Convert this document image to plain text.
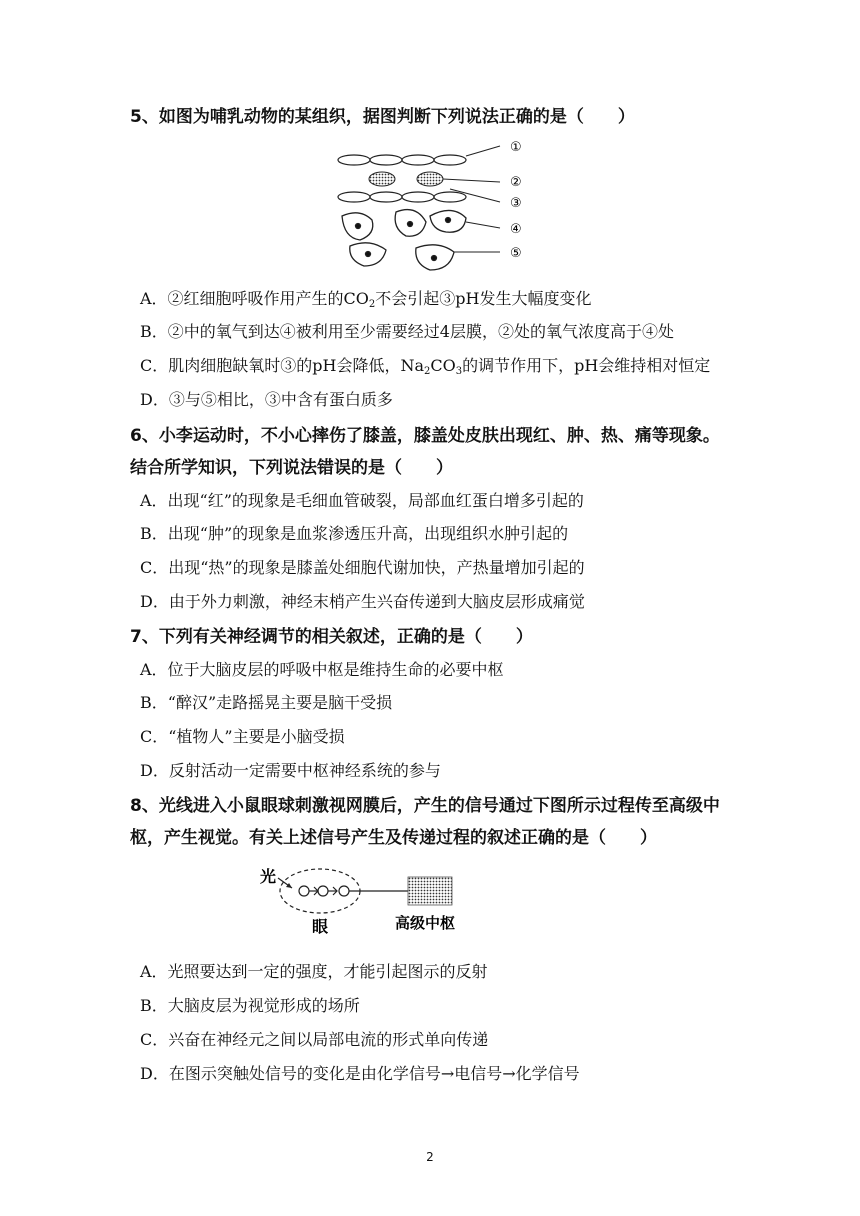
5、如图为哺乳动物的某组织，据图判断下列说法正确的是（　　）
①
②
③
④
⑤
A．②红细胞呼吸作用产生的$CO_2$不会引起③pH发生大幅度变化
B．②中的氧气到达④被利用至少需要经过4层膜，②处的氧气浓度高于④处
C．肌肉细胞缺氧时③的pH会降低，$Na_2CO_3$的调节作用下，pH会维持相对恒定
D．③与⑤相比，③中含有蛋白质多
6、小李运动时，不小心摔伤了膝盖，膝盖处皮肤出现红、肿、热、痛等现象。
结合所学知识，下列说法错误的是（　　）
A．出现“红”的现象是毛细血管破裂，局部血红蛋白增多引起的
B．出现“肿”的现象是血浆渗透压升高，出现组织水肿引起的
C．出现“热”的现象是膝盖处细胞代谢加快，产热量增加引起的
D．由于外力刺激，神经末梢产生兴奋传递到大脑皮层形成痛觉
7、下列有关神经调节的相关叙述，正确的是（　　）
A．位于大脑皮层的呼吸中枢是维持生命的必要中枢
B．“醉汉”走路摇晃主要是脑干受损
C．“植物人”主要是小脑受损
D．反射活动一定需要中枢神经系统的参与
8、光线进入小鼠眼球刺激视网膜后，产生的信号通过下图所示过程传至高级中
枢，产生视觉。有关上述信号产生及传递过程的叙述正确的是（　　）
光
眼	高级中枢
A．光照要达到一定的强度，才能引起图示的反射
B．大脑皮层为视觉形成的场所
C．兴奋在神经元之间以局部电流的形式单向传递
D．在图示突触处信号的变化是由化学信号→电信号→化学信号
2
